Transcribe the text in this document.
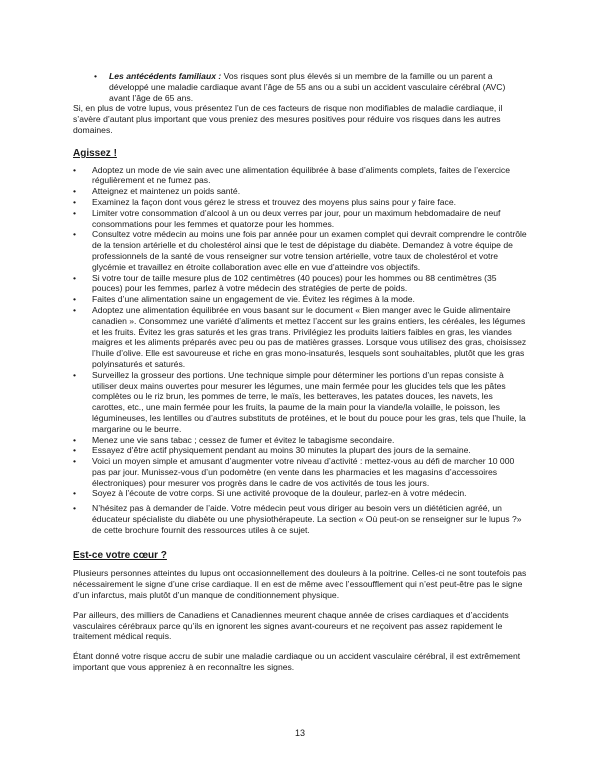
• Les antécédents familiaux : Vos risques sont plus élevés si un membre de la famille ou un parent a développé une maladie cardiaque avant l’âge de 55 ans ou a subi un accident vasculaire cérébral (AVC) avant l’âge de 65 ans.

Si, en plus de votre lupus, vous présentez l’un de ces facteurs de risque non modifiables de maladie cardiaque, il s’avère d’autant plus important que vous preniez des mesures positives pour réduire vos risques dans les autres domaines.

Agissez !
• Adoptez un mode de vie sain avec une alimentation équilibrée à base d’aliments complets, faites de l’exercice régulièrement et ne fumez pas.
• Atteignez et maintenez un poids santé.
• Examinez la façon dont vous gérez le stress et trouvez des moyens plus sains pour y faire face.
• Limiter votre consommation d’alcool à un ou deux verres par jour, pour un maximum hebdomadaire de neuf consommations pour les femmes et quatorze pour les hommes.
• Consultez votre médecin au moins une fois par année pour un examen complet qui devrait comprendre le contrôle de la tension artérielle et du cholestérol ainsi que le test de dépistage du diabète. Demandez à votre équipe de professionnels de la santé de vous renseigner sur votre tension artérielle, votre taux de cholestérol et votre glycémie et travaillez en étroite collaboration avec elle en vue d’atteindre vos objectifs.
• Si votre tour de taille mesure plus de 102 centimètres (40 pouces) pour les hommes ou 88 centimètres (35 pouces) pour les femmes, parlez à votre médecin des stratégies de perte de poids.
• Faites d’une alimentation saine un engagement de vie. Évitez les régimes à la mode.
• Adoptez une alimentation équilibrée en vous basant sur le document « Bien manger avec le Guide alimentaire canadien ». Consommez une variété d’aliments et mettez l’accent sur les grains entiers, les céréales, les légumes et les fruits. Évitez les gras saturés et les gras trans. Privilégiez les produits laitiers faibles en gras, les viandes maigres et les aliments préparés avec peu ou pas de matières grasses. Lorsque vous utilisez des gras, choisissez l’huile d’olive. Elle est savoureuse et riche en gras mono-insaturés, lesquels sont souhaitables, plutôt que les gras polyinsaturés et saturés.
• Surveillez la grosseur des portions. Une technique simple pour déterminer les portions d’un repas consiste à utiliser deux mains ouvertes pour mesurer les légumes, une main fermée pour les glucides tels que les pâtes complètes ou le riz brun, les pommes de terre, le maïs, les betteraves, les patates douces, les navets, les carottes, etc., une main fermée pour les fruits, la paume de la main pour la viande/la volaille, le poisson, les légumineuses, les lentilles ou d’autres substituts de protéines, et le bout du pouce pour les gras, tels que l’huile, la margarine ou le beurre.
• Menez une vie sans tabac ; cessez de fumer et évitez le tabagisme secondaire.
• Essayez d’être actif physiquement pendant au moins 30 minutes la plupart des jours de la semaine.
• Voici un moyen simple et amusant d’augmenter votre niveau d’activité : mettez-vous au défi de marcher 10 000 pas par jour. Munissez-vous d’un podomètre (en vente dans les pharmacies et les magasins d’accessoires électroniques) pour mesurer vos progrès dans le cadre de vos activités de tous les jours.
• Soyez à l’écoute de votre corps. Si une activité provoque de la douleur, parlez-en à votre médecin.
• N’hésitez pas à demander de l’aide. Votre médecin peut vous diriger au besoin vers un diététicien agréé, un éducateur spécialiste du diabète ou une physiothérapeute. La section « Où peut-on se renseigner sur le lupus ?» de cette brochure fournit des ressources utiles à ce sujet.
Est-ce votre cœur ?

Plusieurs personnes atteintes du lupus ont occasionnellement des douleurs à la poitrine. Celles-ci ne sont toutefois pas nécessairement le signe d’une crise cardiaque. Il en est de même avec l’essoufflement qui n’est peut-être pas le signe d’un infarctus, mais plutôt d’un manque de conditionnement physique.

Par ailleurs, des milliers de Canadiens et Canadiennes meurent chaque année de crises cardiaques et d’accidents vasculaires cérébraux parce qu’ils en ignorent les signes avant-coureurs et ne reçoivent pas assez rapidement le traitement médical requis.

Étant donné votre risque accru de subir une maladie cardiaque ou un accident vasculaire cérébral, il est extrêmement important que vous appreniez à en reconnaître les signes.

13
